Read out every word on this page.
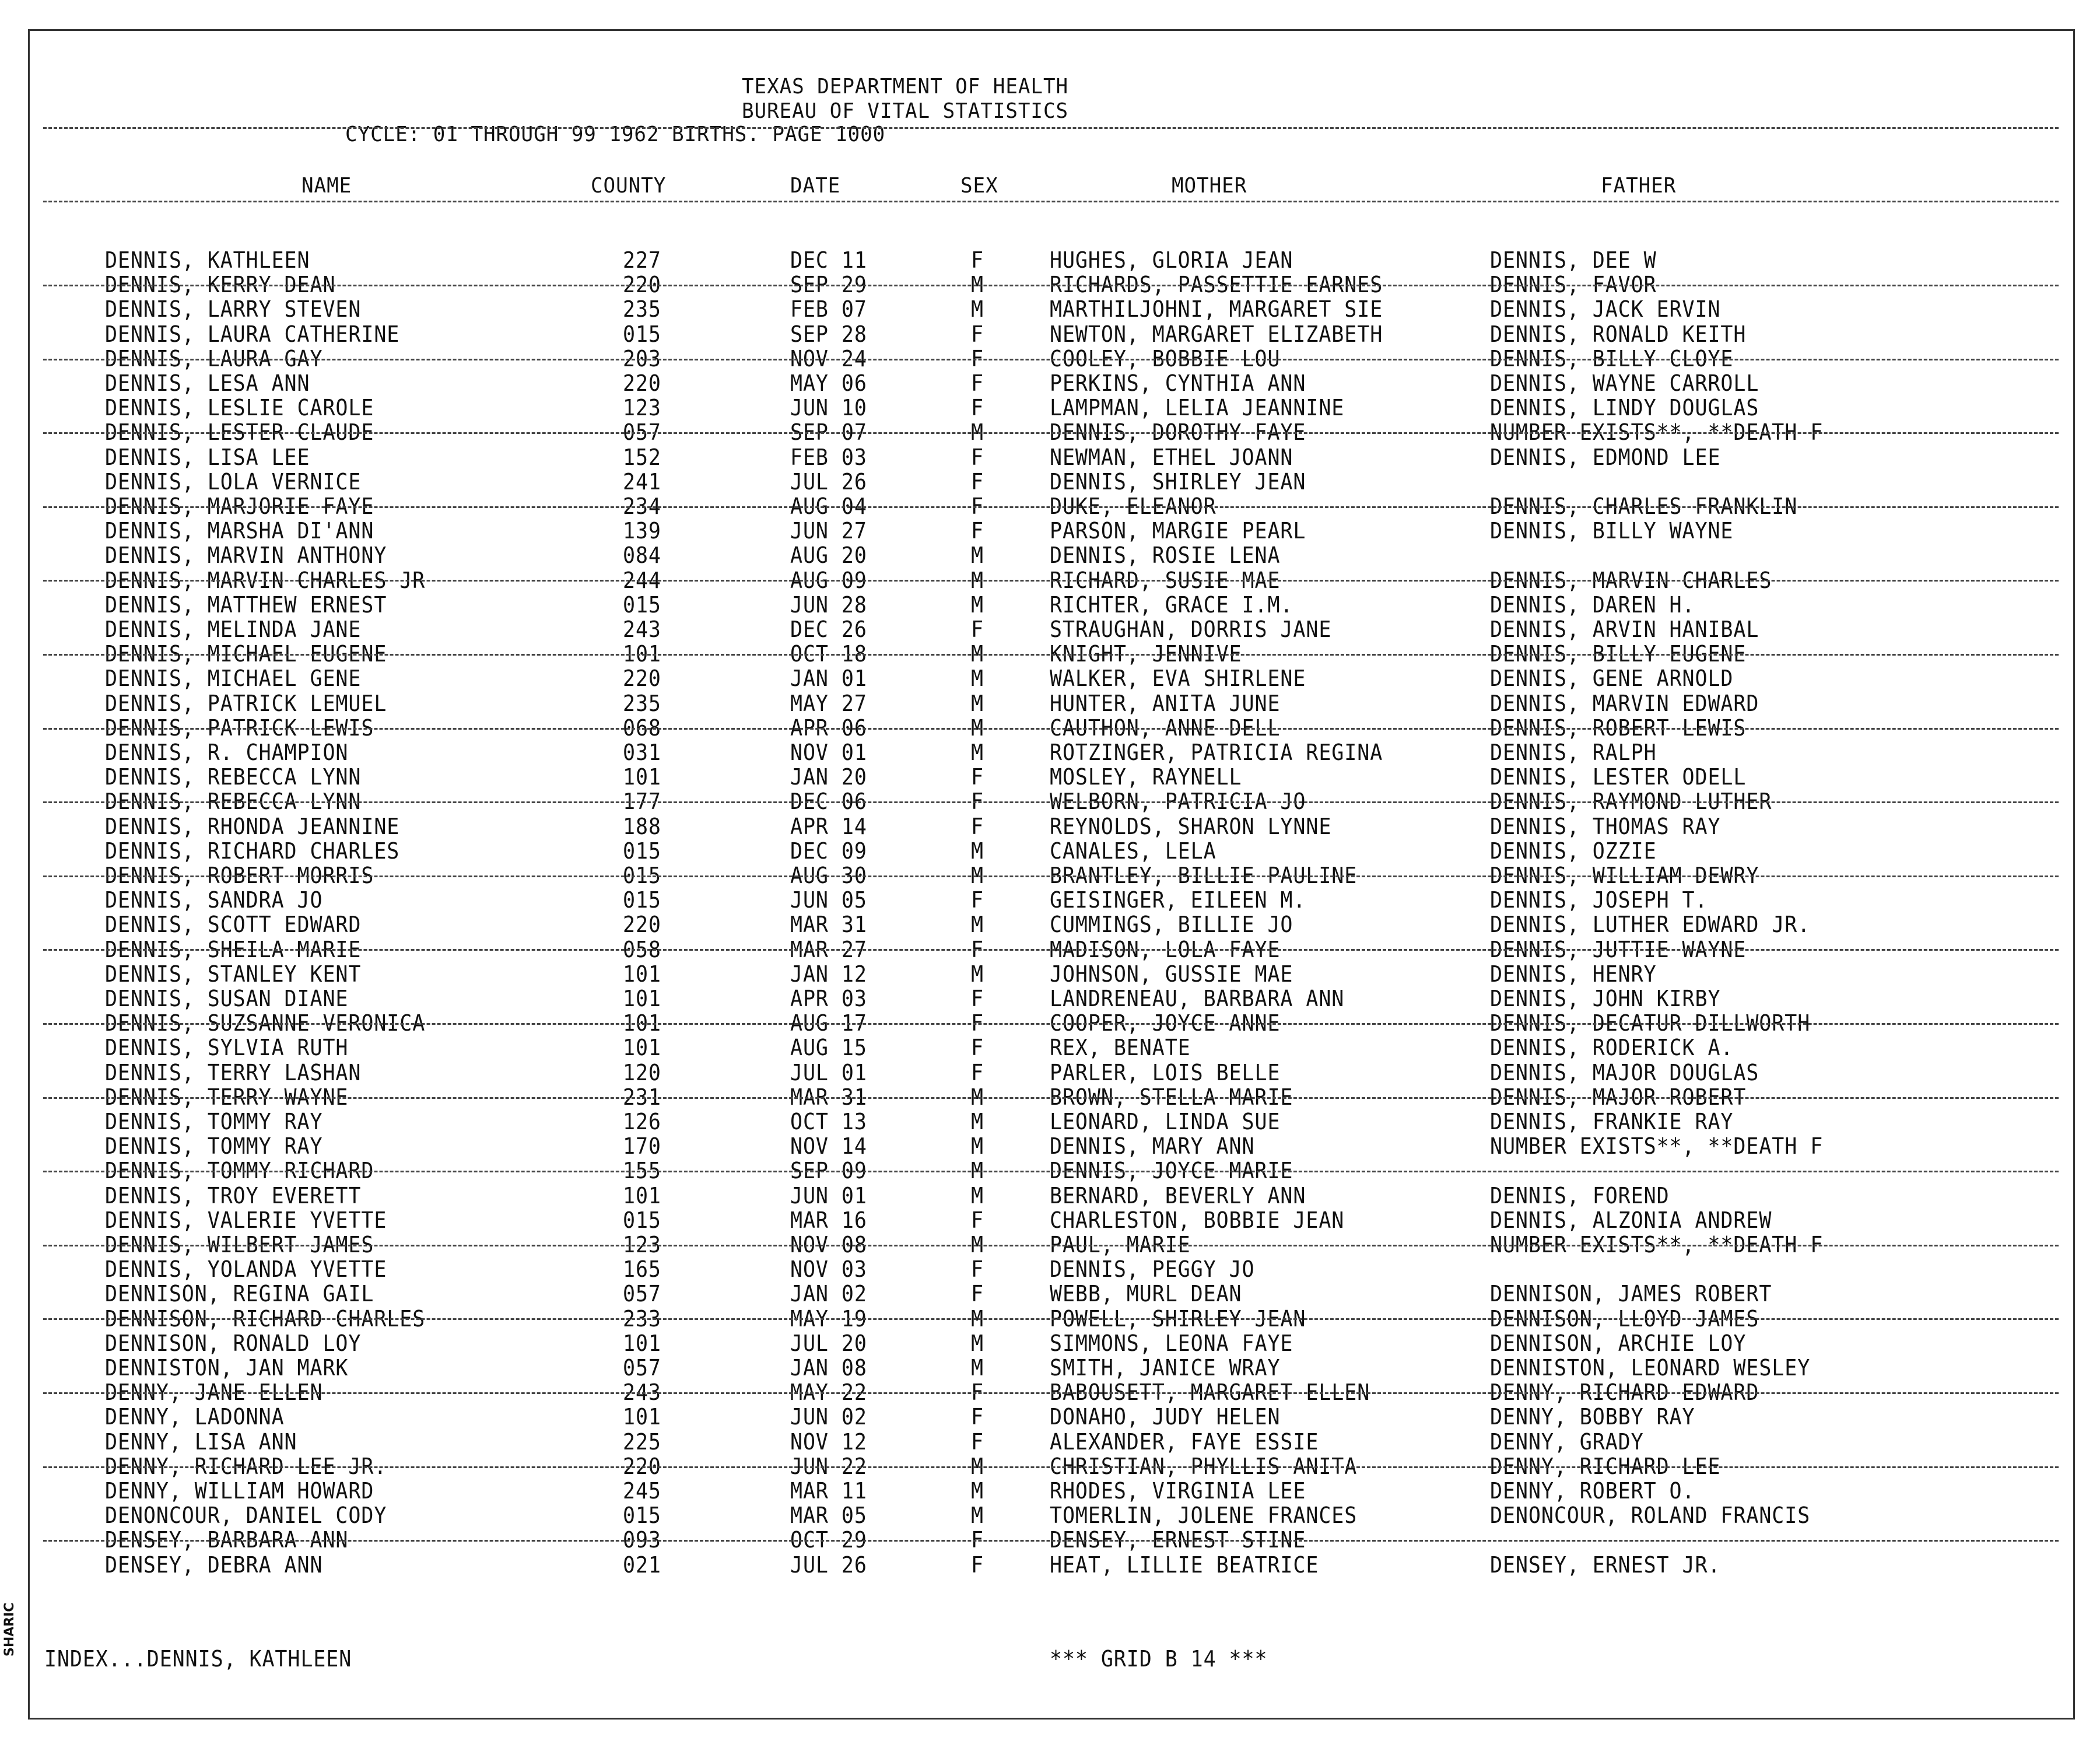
TEXAS DEPARTMENT OF HEALTH
BUREAU OF VITAL STATISTICS
CYCLE: 01 THROUGH 99 1962 BIRTHS. PAGE 1000
NAME	COUNTY	DATE	SEX	MOTHER	FATHER
DENNIS, KATHLEEN	227	DEC 11	F	HUGHES, GLORIA JEAN	DENNIS, DEE W
DENNIS, KERRY DEAN	220	SEP 29	M	RICHARDS, PASSETTIE EARNES	DENNIS, FAVOR
DENNIS, LARRY STEVEN	235	FEB 07	M	MARTHILJOHNI, MARGARET SIE	DENNIS, JACK ERVIN
DENNIS, LAURA CATHERINE	015	SEP 28	F	NEWTON, MARGARET ELIZABETH	DENNIS, RONALD KEITH
DENNIS, LAURA GAY	203	NOV 24	F	COOLEY, BOBBIE LOU	DENNIS, BILLY CLOYE
DENNIS, LESA ANN	220	MAY 06	F	PERKINS, CYNTHIA ANN	DENNIS, WAYNE CARROLL
DENNIS, LESLIE CAROLE	123	JUN 10	F	LAMPMAN, LELIA JEANNINE	DENNIS, LINDY DOUGLAS
DENNIS, LESTER CLAUDE	057	SEP 07	M	DENNIS, DOROTHY FAYE	NUMBER EXISTS**, **DEATH F
DENNIS, LISA LEE	152	FEB 03	F	NEWMAN, ETHEL JOANN	DENNIS, EDMOND LEE
DENNIS, LOLA VERNICE	241	JUL 26	F	DENNIS, SHIRLEY JEAN
DENNIS, MARJORIE FAYE	234	AUG 04	F	DUKE, ELEANOR	DENNIS, CHARLES FRANKLIN
DENNIS, MARSHA DI'ANN	139	JUN 27	F	PARSON, MARGIE PEARL	DENNIS, BILLY WAYNE
DENNIS, MARVIN ANTHONY	084	AUG 20	M	DENNIS, ROSIE LENA
DENNIS, MARVIN CHARLES JR	244	AUG 09	M	RICHARD, SUSIE MAE	DENNIS, MARVIN CHARLES
DENNIS, MATTHEW ERNEST	015	JUN 28	M	RICHTER, GRACE I.M.	DENNIS, DAREN H.
DENNIS, MELINDA JANE	243	DEC 26	F	STRAUGHAN, DORRIS JANE	DENNIS, ARVIN HANIBAL
DENNIS, MICHAEL EUGENE	101	OCT 18	M	KNIGHT, JENNIVE	DENNIS, BILLY EUGENE
DENNIS, MICHAEL GENE	220	JAN 01	M	WALKER, EVA SHIRLENE	DENNIS, GENE ARNOLD
DENNIS, PATRICK LEMUEL	235	MAY 27	M	HUNTER, ANITA JUNE	DENNIS, MARVIN EDWARD
DENNIS, PATRICK LEWIS	068	APR 06	M	CAUTHON, ANNE DELL	DENNIS, ROBERT LEWIS
DENNIS, R. CHAMPION	031	NOV 01	M	ROTZINGER, PATRICIA REGINA	DENNIS, RALPH
DENNIS, REBECCA LYNN	101	JAN 20	F	MOSLEY, RAYNELL	DENNIS, LESTER ODELL
DENNIS, REBECCA LYNN	177	DEC 06	F	WELBORN, PATRICIA JO	DENNIS, RAYMOND LUTHER
DENNIS, RHONDA JEANNINE	188	APR 14	F	REYNOLDS, SHARON LYNNE	DENNIS, THOMAS RAY
DENNIS, RICHARD CHARLES	015	DEC 09	M	CANALES, LELA	DENNIS, OZZIE
DENNIS, ROBERT MORRIS	015	AUG 30	M	BRANTLEY, BILLIE PAULINE	DENNIS, WILLIAM DEWRY
DENNIS, SANDRA JO	015	JUN 05	F	GEISINGER, EILEEN M.	DENNIS, JOSEPH T.
DENNIS, SCOTT EDWARD	220	MAR 31	M	CUMMINGS, BILLIE JO	DENNIS, LUTHER EDWARD JR.
DENNIS, SHEILA MARIE	058	MAR 27	F	MADISON, LOLA FAYE	DENNIS, JUTTIE WAYNE
DENNIS, STANLEY KENT	101	JAN 12	M	JOHNSON, GUSSIE MAE	DENNIS, HENRY
DENNIS, SUSAN DIANE	101	APR 03	F	LANDRENEAU, BARBARA ANN	DENNIS, JOHN KIRBY
DENNIS, SUZSANNE VERONICA	101	AUG 17	F	COOPER, JOYCE ANNE	DENNIS, DECATUR DILLWORTH
DENNIS, SYLVIA RUTH	101	AUG 15	F	REX, BENATE	DENNIS, RODERICK A.
DENNIS, TERRY LASHAN	120	JUL 01	F	PARLER, LOIS BELLE	DENNIS, MAJOR DOUGLAS
DENNIS, TERRY WAYNE	231	MAR 31	M	BROWN, STELLA MARIE	DENNIS, MAJOR ROBERT
DENNIS, TOMMY RAY	126	OCT 13	M	LEONARD, LINDA SUE	DENNIS, FRANKIE RAY
DENNIS, TOMMY RAY	170	NOV 14	M	DENNIS, MARY ANN	NUMBER EXISTS**, **DEATH F
DENNIS, TOMMY RICHARD	155	SEP 09	M	DENNIS, JOYCE MARIE
DENNIS, TROY EVERETT	101	JUN 01	M	BERNARD, BEVERLY ANN	DENNIS, FOREND
DENNIS, VALERIE YVETTE	015	MAR 16	F	CHARLESTON, BOBBIE JEAN	DENNIS, ALZONIA ANDREW
DENNIS, WILBERT JAMES	123	NOV 08	M	PAUL, MARIE	NUMBER EXISTS**, **DEATH F
DENNIS, YOLANDA YVETTE	165	NOV 03	F	DENNIS, PEGGY JO
DENNISON, REGINA GAIL	057	JAN 02	F	WEBB, MURL DEAN	DENNISON, JAMES ROBERT
DENNISON, RICHARD CHARLES	233	MAY 19	M	POWELL, SHIRLEY JEAN	DENNISON, LLOYD JAMES
DENNISON, RONALD LOY	101	JUL 20	M	SIMMONS, LEONA FAYE	DENNISON, ARCHIE LOY
DENNISTON, JAN MARK	057	JAN 08	M	SMITH, JANICE WRAY	DENNISTON, LEONARD WESLEY
DENNY, JANE ELLEN	243	MAY 22	F	BABOUSETT, MARGARET ELLEN	DENNY, RICHARD EDWARD
DENNY, LADONNA	101	JUN 02	F	DONAHO, JUDY HELEN	DENNY, BOBBY RAY
DENNY, LISA ANN	225	NOV 12	F	ALEXANDER, FAYE ESSIE	DENNY, GRADY
DENNY, RICHARD LEE JR.	220	JUN 22	M	CHRISTIAN, PHYLLIS ANITA	DENNY, RICHARD LEE
DENNY, WILLIAM HOWARD	245	MAR 11	M	RHODES, VIRGINIA LEE	DENNY, ROBERT O.
DENONCOUR, DANIEL CODY	015	MAR 05	M	TOMERLIN, JOLENE FRANCES	DENONCOUR, ROLAND FRANCIS
DENSEY, BARBARA ANN	093	OCT 29	F	DENSEY, ERNEST STINE
DENSEY, DEBRA ANN	021	JUL 26	F	HEAT, LILLIE BEATRICE	DENSEY, ERNEST JR.
INDEX...DENNIS, KATHLEEN	*** GRID B 14 ***
SHARIC
